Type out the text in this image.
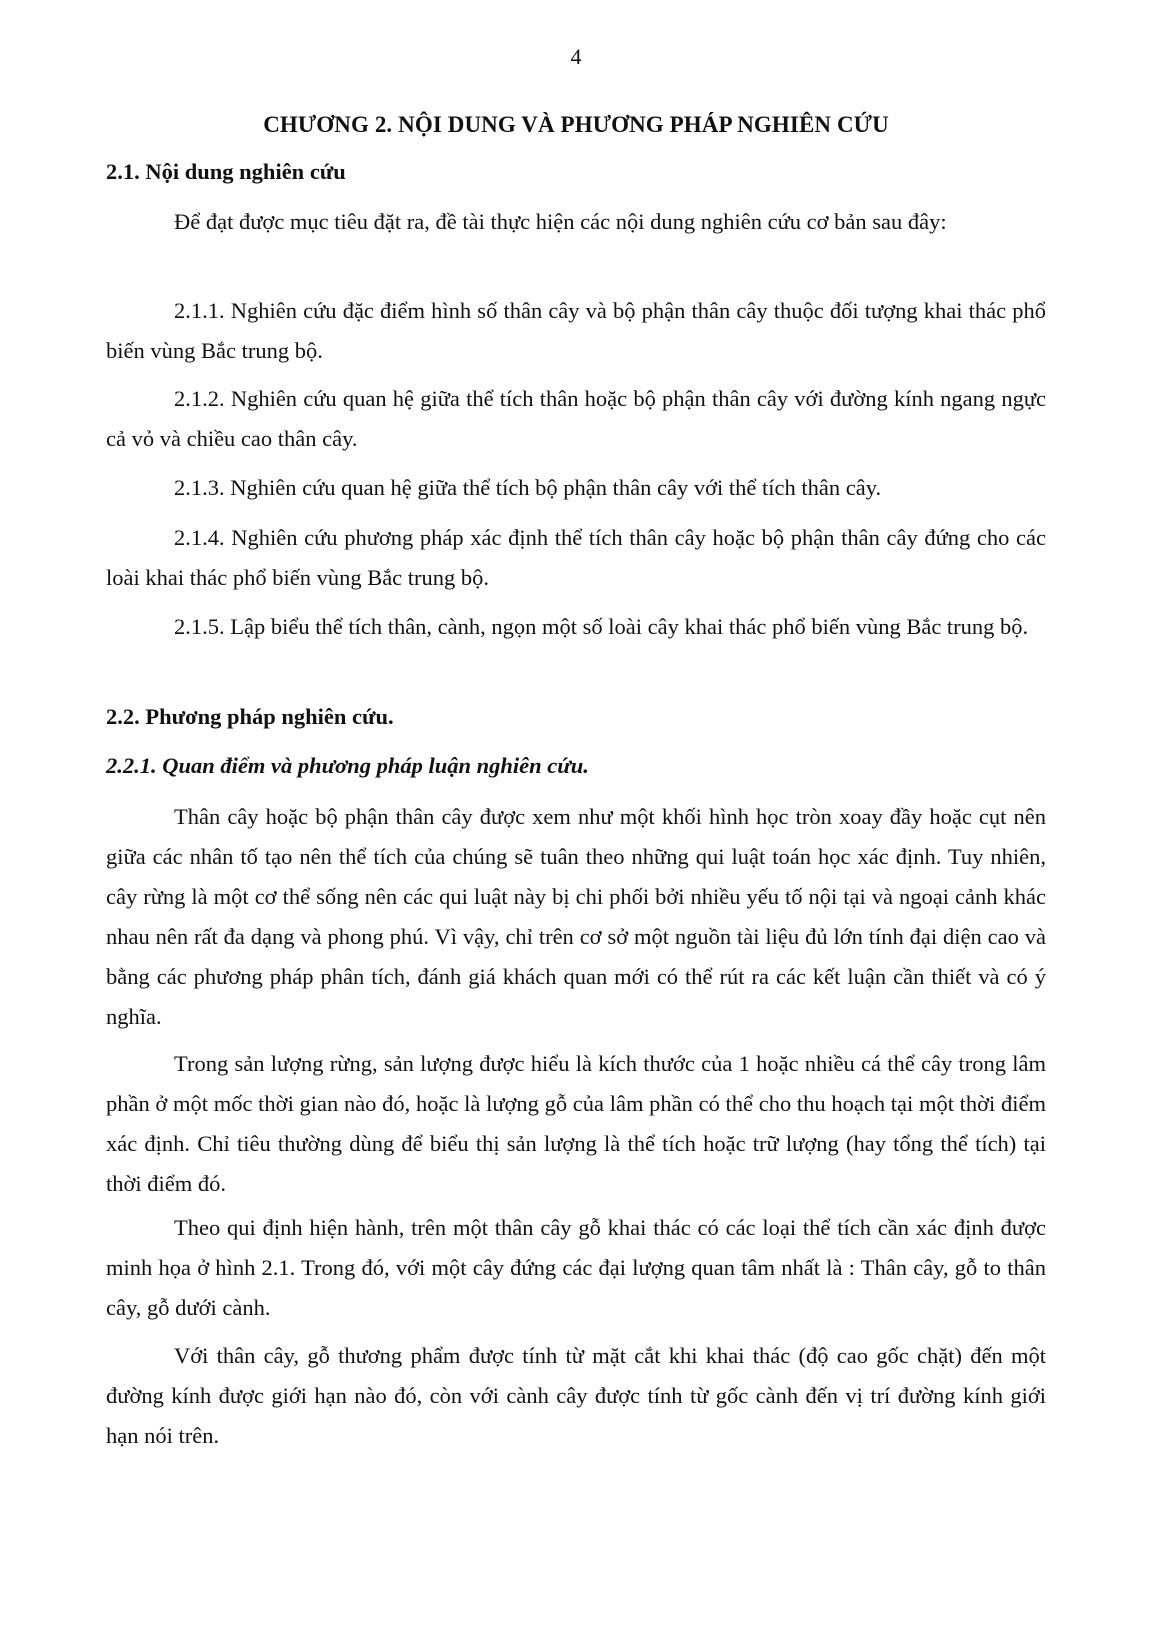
4
CHƯƠNG 2. NỘI DUNG VÀ PHƯƠNG PHÁP NGHIÊN CỨU

2.1. Nội dung nghiên cứu

Để đạt được mục tiêu đặt ra, đề tài thực hiện các nội dung nghiên cứu cơ bản sau đây:

2.1.1. Nghiên cứu đặc điểm hình số thân cây và bộ phận thân cây thuộc đối tượng khai thác phổ biến vùng Bắc trung bộ.

2.1.2. Nghiên cứu quan hệ giữa thể tích thân hoặc bộ phận thân cây với đường kính ngang ngực cả vỏ và chiều cao thân cây.

2.1.3. Nghiên cứu quan hệ giữa thể tích bộ phận thân cây với thể tích thân cây.

2.1.4. Nghiên cứu phương pháp xác định thể tích thân cây hoặc bộ phận thân cây đứng cho các loài khai thác phổ biến vùng Bắc trung bộ.

2.1.5. Lập biểu thể tích thân, cành, ngọn một số loài cây khai thác phổ biến vùng Bắc trung bộ.

2.2. Phương pháp nghiên cứu.

2.2.1. Quan điểm và phương pháp luận nghiên cứu.

Thân cây hoặc bộ phận thân cây được xem như một khối hình học tròn xoay đầy hoặc cụt nên giữa các nhân tố tạo nên thể tích của chúng sẽ tuân theo những qui luật toán học xác định. Tuy nhiên, cây rừng là một cơ thể sống nên các qui luật này bị chi phối bởi nhiều yếu tố nội tại và ngoại cảnh khác nhau nên rất đa dạng và phong phú. Vì vậy, chỉ trên cơ sở một nguồn tài liệu đủ lớn tính đại diện cao và bằng các phương pháp phân tích, đánh giá khách quan mới có thể rút ra các kết luận cần thiết và có ý nghĩa.

Trong sản lượng rừng, sản lượng được hiểu là kích thước của 1 hoặc nhiều cá thể cây trong lâm phần ở một mốc thời gian nào đó, hoặc là lượng gỗ của lâm phần có thể cho thu hoạch tại một thời điểm xác định. Chỉ tiêu thường dùng để biểu thị sản lượng là thể tích hoặc trữ lượng (hay tổng thể tích) tại thời điểm đó.

Theo qui định hiện hành, trên một thân cây gỗ khai thác có các loại thể tích cần xác định được minh họa ở hình 2.1. Trong đó, với một cây đứng các đại lượng quan tâm nhất là : Thân cây, gỗ to thân cây, gỗ dưới cành.

Với thân cây, gỗ thương phẩm được tính từ mặt cắt khi khai thác (độ cao gốc chặt) đến một đường kính được giới hạn nào đó, còn với cành cây được tính từ gốc cành đến vị trí đường kính giới hạn nói trên.
